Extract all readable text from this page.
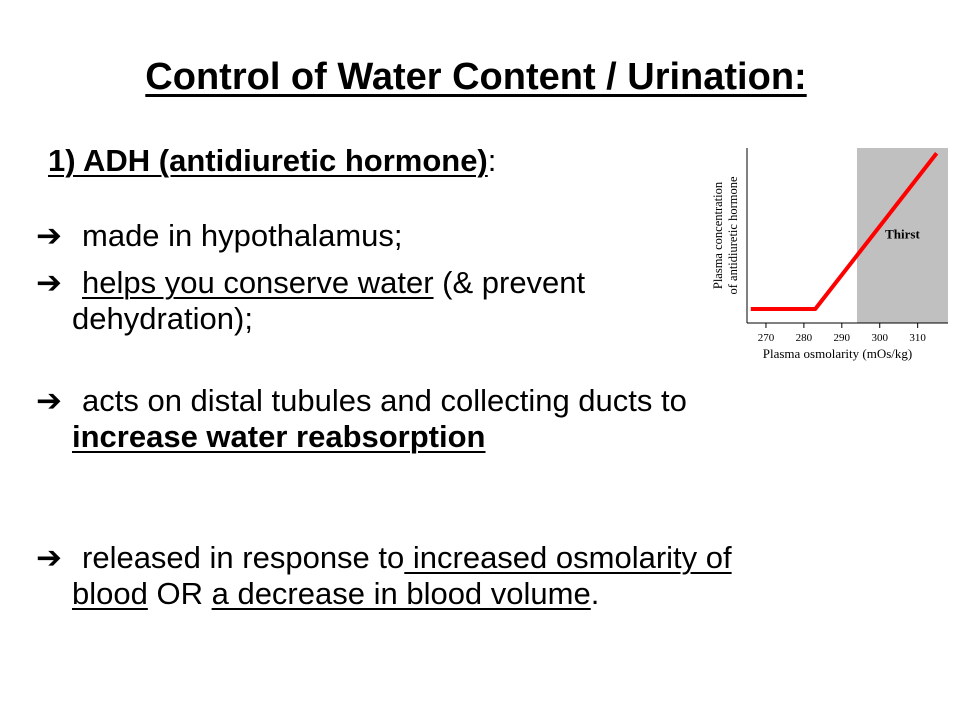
Control of Water Content / Urination:
1) ADH (antidiuretic hormone):
➔ made in hypothalamus;
➔ helps you conserve water (& prevent dehydration);
➔ acts on distal tubules and collecting ducts to increase water reabsorption
➔ released in response to increased osmolarity of blood OR a decrease in blood volume.
270 280 290 300 310
Thirst
Plasma osmolarity (mOs/kg)
Plasma concentration of antidiuretic hormone
